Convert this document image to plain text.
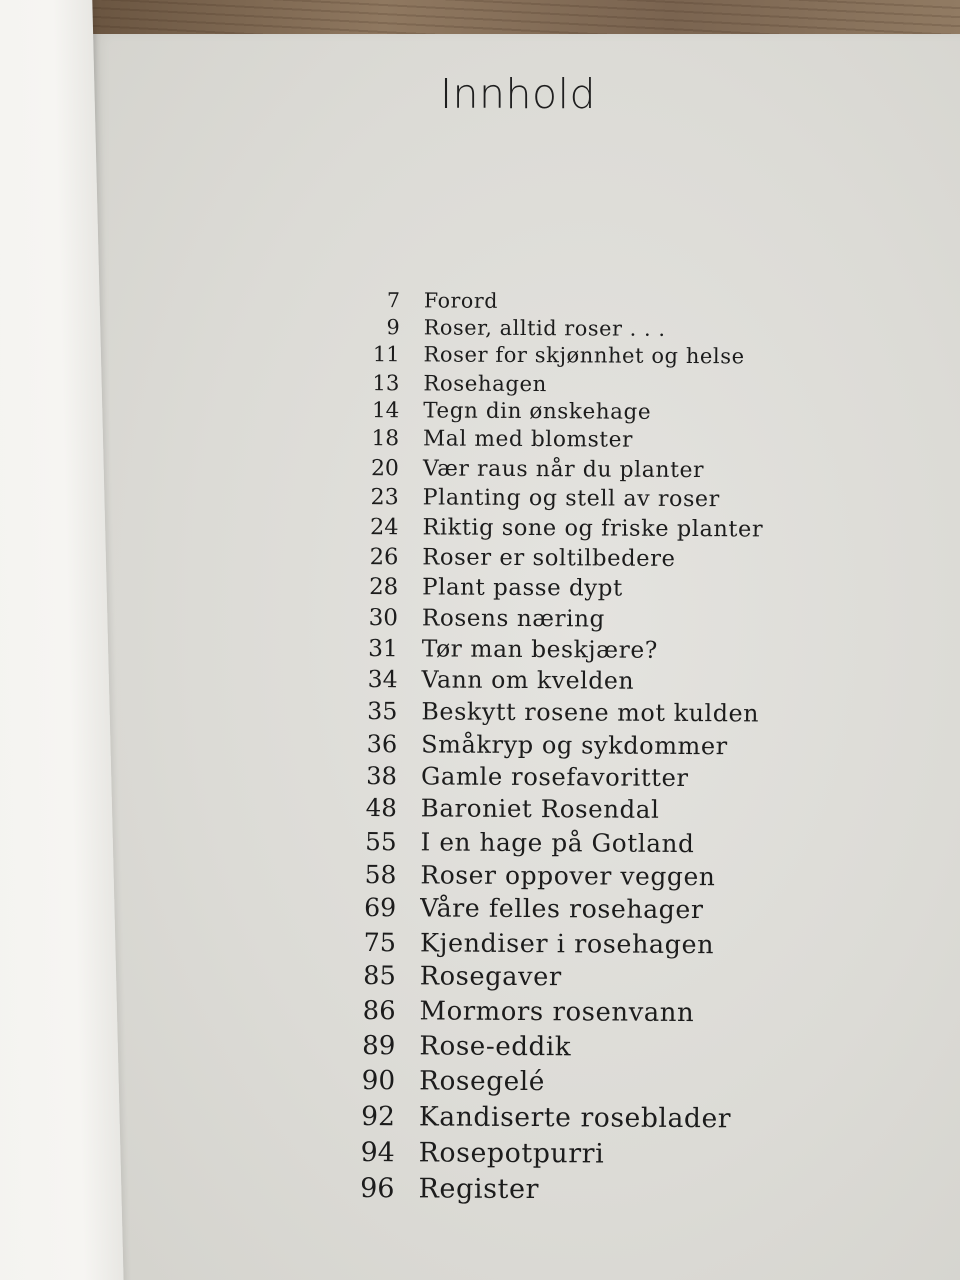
Innhold
7	Forord
9	Roser, alltid roser . . .
11	Roser for skjønnhet og helse
13	Rosehagen
14	Tegn din ønskehage
18	Mal med blomster
20	Vær raus når du planter
23	Planting og stell av roser
24	Riktig sone og friske planter
26	Roser er soltilbedere
28	Plant passe dypt
30	Rosens næring
31	Tør man beskjære?
34	Vann om kvelden
35	Beskytt rosene mot kulden
36 Småkryp og sykdommer
38 Gamle rosefavoritter
48 Baroniet Rosendal
55 I en hage på Gotland
58 Roser oppover veggen
69 Våre felles rosehager
75 Kjendiser i rosehagen
85 Rosegaver
86 Mormors rosenvann
89 Rose-eddik
90 Rosegelé
92 Kandiserte roseblader
94 Rosepotpurri
96 Register
